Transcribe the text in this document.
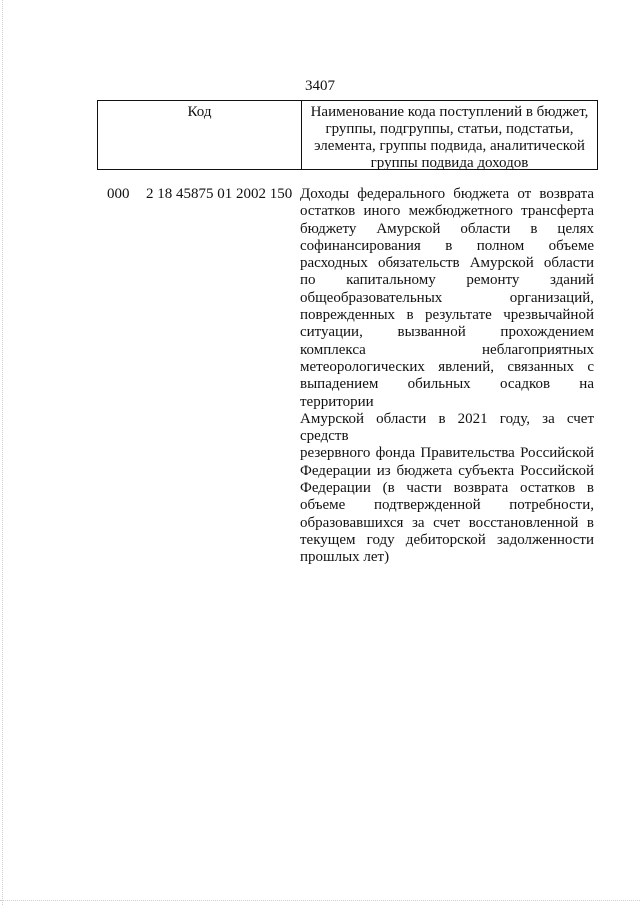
3407
Код	Наименование кода поступлений в бюджет, группы, подгруппы, статьи, подстатьи, элемента, группы подвида, аналитической группы подвида доходов
000 2 18 45875 01 2002 150 Доходы федерального бюджета от возврата
остатков иного межбюджетного трансферта
бюджету Амурской области в целях
софинансирования в полном объеме
расходных обязательств Амурской области
по капитальному ремонту зданий
общеобразовательных организаций,
поврежденных в результате чрезвычайной
ситуации, вызванной прохождением
комплекса неблагоприятных
метеорологических явлений, связанных с
выпадением обильных осадков на территории
Амурской области в 2021 году, за счет средств
резервного фонда Правительства Российской
Федерации из бюджета субъекта Российской
Федерации (в части возврата остатков в
объеме подтвержденной потребности,
образовавшихся за счет восстановленной в
текущем году дебиторской задолженности
прошлых лет)
